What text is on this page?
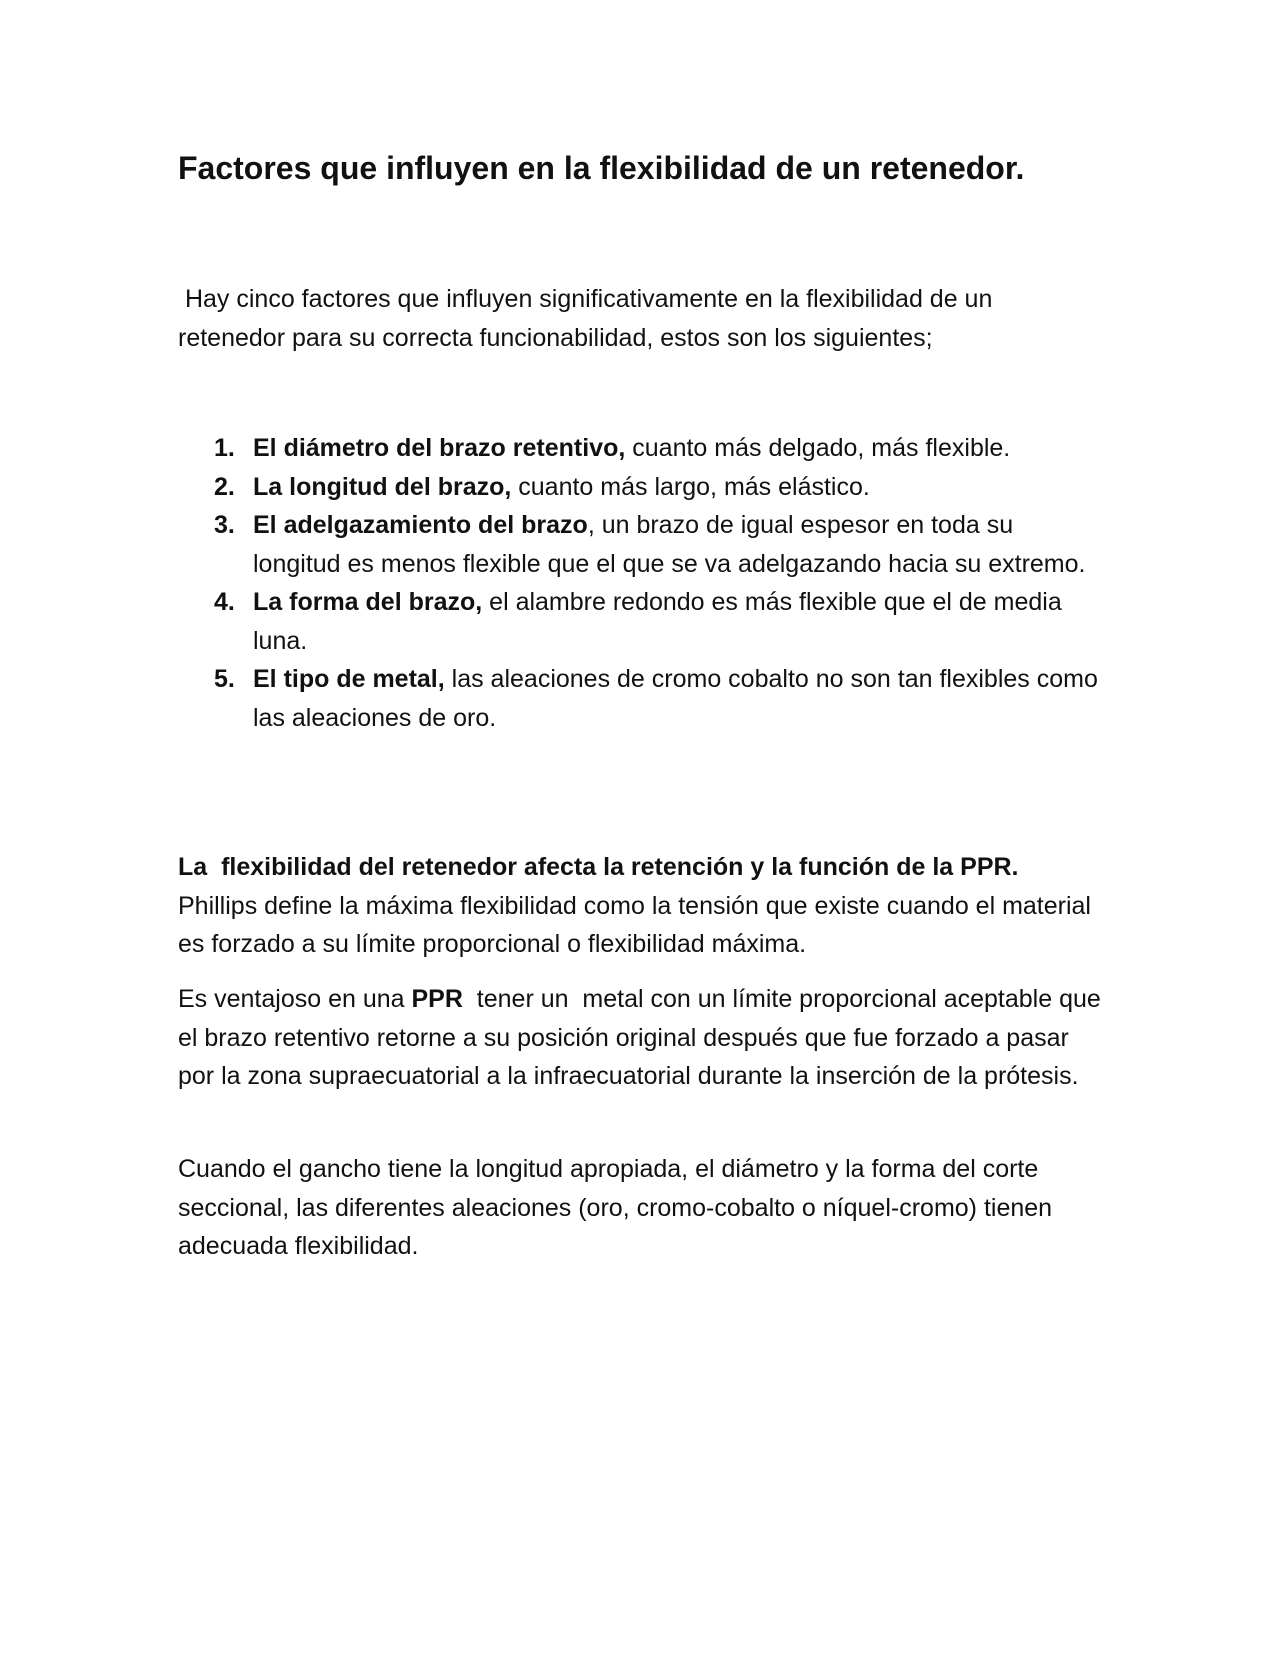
Factores que influyen en la flexibilidad de un retenedor.

Hay cinco factores que influyen significativamente en la flexibilidad de un retenedor para su correcta funcionabilidad, estos son los siguientes;

1. El diámetro del brazo retentivo, cuanto más delgado, más flexible.
2. La longitud del brazo, cuanto más largo, más elástico.
3. El adelgazamiento del brazo, un brazo de igual espesor en toda su longitud es menos flexible que el que se va adelgazando hacia su extremo.
4. La forma del brazo, el alambre redondo es más flexible que el de media luna.
5. El tipo de metal, las aleaciones de cromo cobalto no son tan flexibles como las aleaciones de oro.
La  flexibilidad del retenedor afecta la retención y la función de la PPR.
Phillips define la máxima flexibilidad como la tensión que existe cuando el material es forzado a su límite proporcional o flexibilidad máxima.

Es ventajoso en una PPR  tener un  metal con un límite proporcional aceptable que el brazo retentivo retorne a su posición original después que fue forzado a pasar por la zona supraecuatorial a la infraecuatorial durante la inserción de la prótesis.

Cuando el gancho tiene la longitud apropiada, el diámetro y la forma del corte seccional, las diferentes aleaciones (oro, cromo-cobalto o níquel-cromo) tienen adecuada flexibilidad.
